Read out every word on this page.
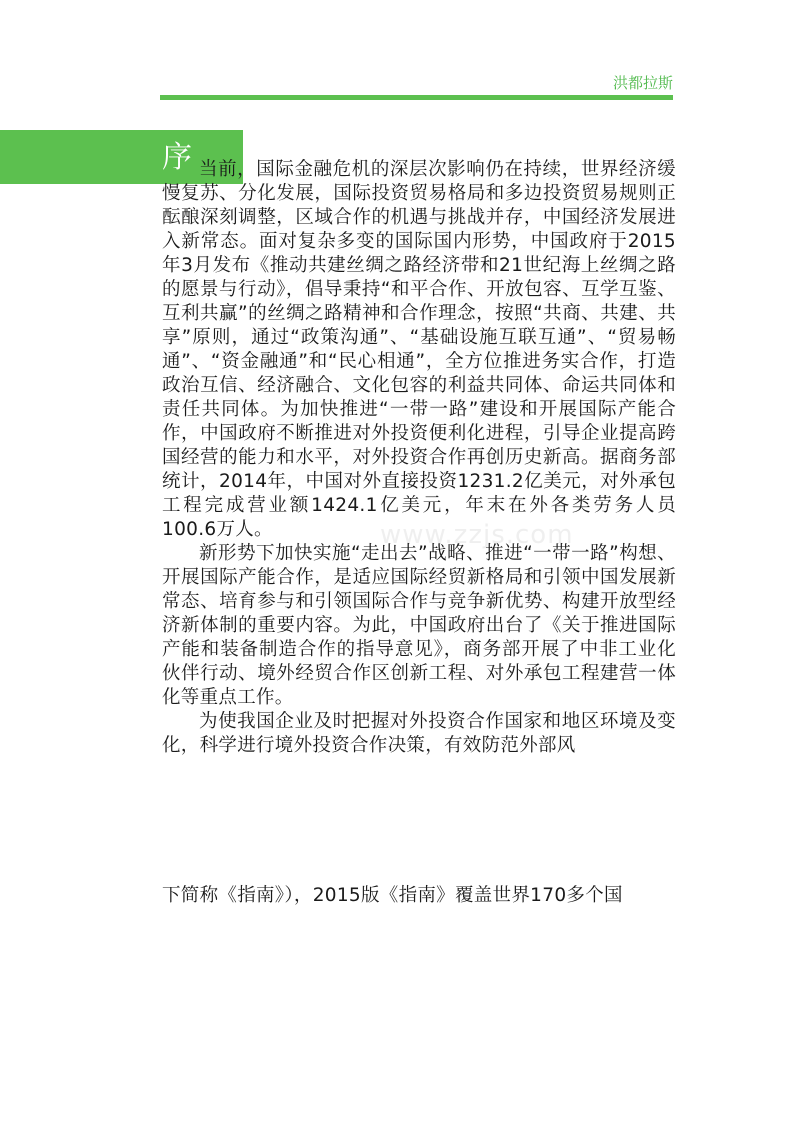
洪都拉斯
序
www.zzjs.com

当前，国际金融危机的深层次影响仍在持续，世界经济缓慢复苏、分化发展，国际投资贸易格局和多边投资贸易规则正酝酿深刻调整，区域合作的机遇与挑战并存，中国经济发展进入新常态。面对复杂多变的国际国内形势，中国政府于2015年3月发布《推动共建丝绸之路经济带和21世纪海上丝绸之路的愿景与行动》，倡导秉持“和平合作、开放包容、互学互鉴、互利共赢”的丝绸之路精神和合作理念，按照“共商、共建、共享”原则，通过“政策沟通”、“基础设施互联互通”、“贸易畅通”、“资金融通”和“民心相通”，全方位推进务实合作，打造政治互信、经济融合、文化包容的利益共同体、命运共同体和责任共同体。为加快推进“一带一路”建设和开展国际产能合作，中国政府不断推进对外投资便利化进程，引导企业提高跨国经营的能力和水平，对外投资合作再创历史新高。据商务部统计，2014年，中国对外直接投资1231.2亿美元，对外承包工程完成营业额1424.1亿美元，年末在外各类劳务人员100.6万人。

新形势下加快实施“走出去”战略、推进“一带一路”构想、开展国际产能合作，是适应国际经贸新格局和引领中国发展新常态、培育参与和引领国际合作与竞争新优势、构建开放型经济新体制的重要内容。为此，中国政府出台了《关于推进国际产能和装备制造合作的指导意见》，商务部开展了中非工业化伙伴行动、境外经贸合作区创新工程、对外承包工程建营一体化等重点工作。

为使我国企业及时把握对外投资合作国家和地区环境及变化，科学进行境外投资合作决策，有效防范外部风

下简称《指南》），2015版《指南》覆盖世界170多个国
